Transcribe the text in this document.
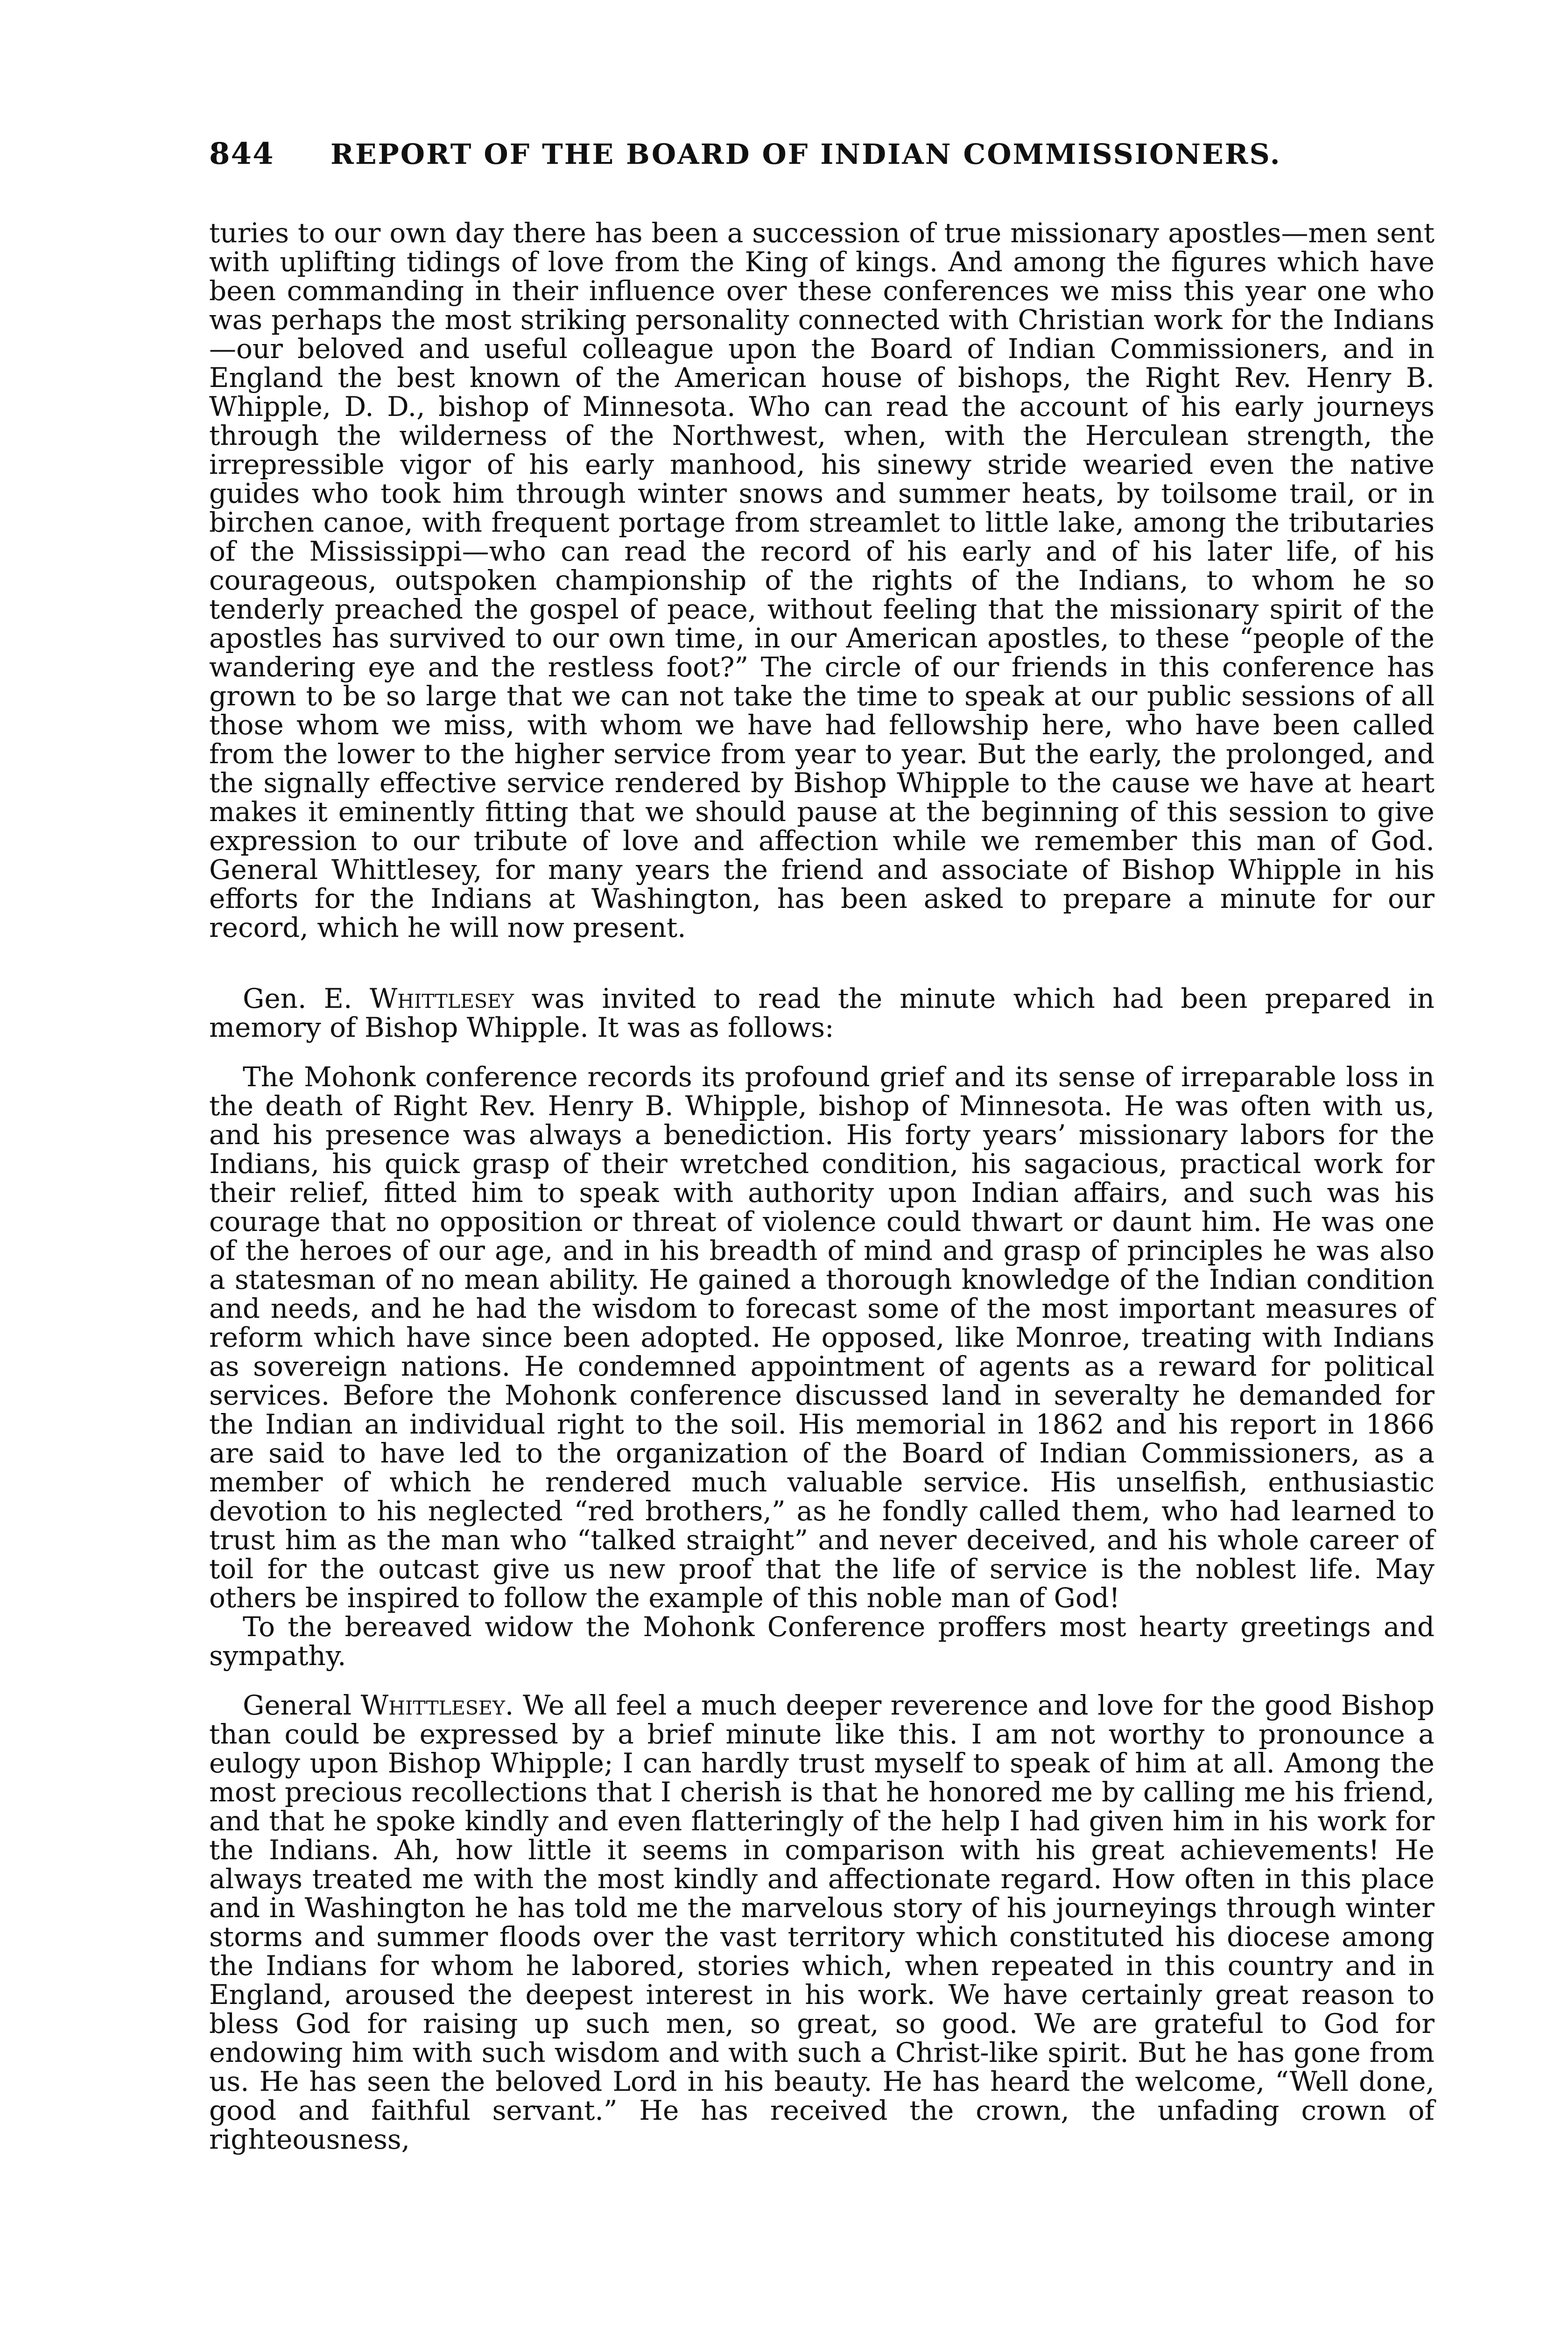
844	REPORT OF THE BOARD OF INDIAN COMMISSIONERS.

turies to our own day there has been a succession of true missionary apostles—men sent with uplifting tidings of love from the King of kings. And among the figures which have been commanding in their influence over these conferences we miss this year one who was perhaps the most striking personality connected with Christian work for the Indians—our beloved and useful colleague upon the Board of Indian Commissioners, and in England the best known of the American house of bishops, the Right Rev. Henry B. Whipple, D. D., bishop of Minnesota. Who can read the account of his early journeys through the wilderness of the Northwest, when, with the Herculean strength, the irrepressible vigor of his early manhood, his sinewy stride wearied even the native guides who took him through winter snows and summer heats, by toilsome trail, or in birchen canoe, with frequent portage from streamlet to little lake, among the tributaries of the Mississippi—who can read the record of his early and of his later life, of his courageous, outspoken championship of the rights of the Indians, to whom he so tenderly preached the gospel of peace, without feeling that the missionary spirit of the apostles has survived to our own time, in our American apostles, to these “people of the wandering eye and the restless foot?” The circle of our friends in this conference has grown to be so large that we can not take the time to speak at our public sessions of all those whom we miss, with whom we have had fellowship here, who have been called from the lower to the higher service from year to year. But the early, the prolonged, and the signally effective service rendered by Bishop Whipple to the cause we have at heart makes it eminently fitting that we should pause at the beginning of this session to give expression to our tribute of love and affection while we remember this man of God. General Whittlesey, for many years the friend and associate of Bishop Whipple in his efforts for the Indians at Washington, has been asked to prepare a minute for our record, which he will now present.

Gen. E. Whittlesey was invited to read the minute which had been prepared in memory of Bishop Whipple. It was as follows:

The Mohonk conference records its profound grief and its sense of irreparable loss in the death of Right Rev. Henry B. Whipple, bishop of Minnesota. He was often with us, and his presence was always a benediction. His forty years’ missionary labors for the Indians, his quick grasp of their wretched condition, his sagacious, practical work for their relief, fitted him to speak with authority upon Indian affairs, and such was his courage that no opposition or threat of violence could thwart or daunt him. He was one of the heroes of our age, and in his breadth of mind and grasp of principles he was also a statesman of no mean ability. He gained a thorough knowledge of the Indian condition and needs, and he had the wisdom to forecast some of the most important measures of reform which have since been adopted. He opposed, like Monroe, treating with Indians as sovereign nations. He condemned appointment of agents as a reward for political services. Before the Mohonk conference discussed land in severalty he demanded for the Indian an individual right to the soil. His memorial in 1862 and his report in 1866 are said to have led to the organization of the Board of Indian Commissioners, as a member of which he rendered much valuable service. His unselfish, enthusiastic devotion to his neglected “red brothers,” as he fondly called them, who had learned to trust him as the man who “talked straight” and never deceived, and his whole career of toil for the outcast give us new proof that the life of service is the noblest life. May others be inspired to follow the example of this noble man of God!

To the bereaved widow the Mohonk Conference proffers most hearty greetings and sympathy.

General Whittlesey. We all feel a much deeper reverence and love for the good Bishop than could be expressed by a brief minute like this. I am not worthy to pronounce a eulogy upon Bishop Whipple; I can hardly trust myself to speak of him at all. Among the most precious recollections that I cherish is that he honored me by calling me his friend, and that he spoke kindly and even flatteringly of the help I had given him in his work for the Indians. Ah, how little it seems in comparison with his great achievements! He always treated me with the most kindly and affectionate regard. How often in this place and in Washington he has told me the marvelous story of his journeyings through winter storms and summer floods over the vast territory which constituted his diocese among the Indians for whom he labored, stories which, when repeated in this country and in England, aroused the deepest interest in his work. We have certainly great reason to bless God for raising up such men, so great, so good. We are grateful to God for endowing him with such wisdom and with such a Christ-like spirit. But he has gone from us. He has seen the beloved Lord in his beauty. He has heard the welcome, “Well done, good and faithful servant.” He has received the crown, the unfading crown of righteousness,
